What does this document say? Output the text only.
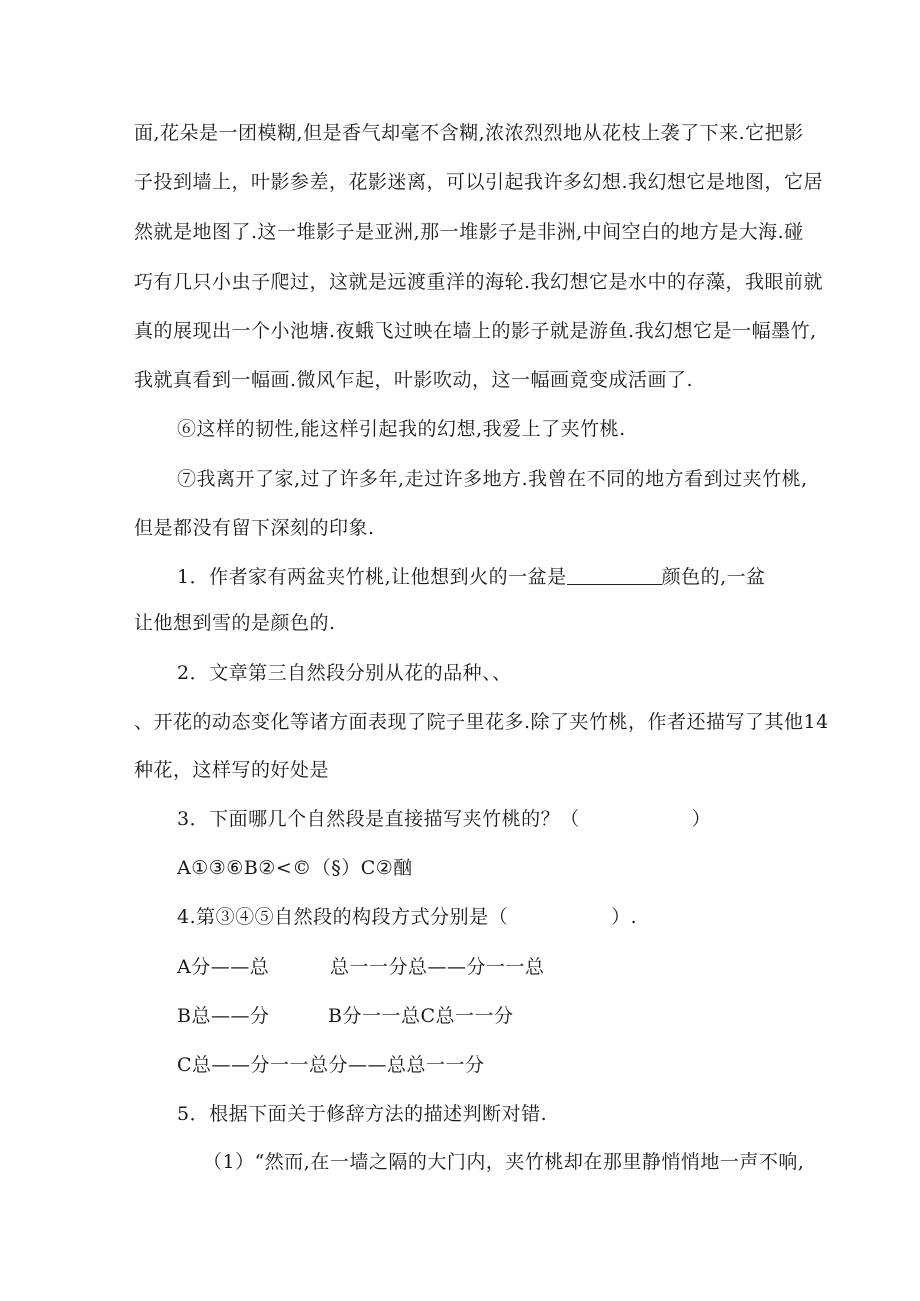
面,花朵是一团模糊,但是香气却毫不含糊,浓浓烈烈地从花枝上袭了下来.它把影
子投到墙上，叶影参差，花影迷离，可以引起我许多幻想.我幻想它是地图，它居
然就是地图了.这一堆影子是亚洲,那一堆影子是非洲,中间空白的地方是大海.碰
巧有几只小虫子爬过，这就是远渡重洋的海轮.我幻想它是水中的存藻，我眼前就
真的展现出一个小池塘.夜蛾飞过映在墙上的影子就是游鱼.我幻想它是一幅墨竹,
我就真看到一幅画.微风乍起，叶影吹动，这一幅画竟变成活画了.
⑥这样的韧性,能这样引起我的幻想,我爱上了夹竹桃.
⑦我离开了家,过了许多年,走过许多地方.我曾在不同的地方看到过夹竹桃,
但是都没有留下深刻的印象.
1．作者家有两盆夹竹桃,让他想到火的一盆是	颜色的,一盆
让他想到雪的是颜色的.
2．文章第三自然段分别从花的品种、、
、开花的动态变化等诸方面表现了院子里花多.除了夹竹桃，作者还描写了其他14
种花，这样写的好处是
3．下面哪几个自然段是直接描写夹竹桃的？（	）
A①③⑥B②<©（§）C②酗
4.第③④⑤自然段的构段方式分别是（	）.
A分——总	总一一分总——分一一总
B总——分	B分一一总C总一一分
C总——分一一总分——总总一一分
5．根据下面关于修辞方法的描述判断对错.
（1）“然而,在一墙之隔的大门内，夹竹桃却在那里静悄悄地一声不响,
